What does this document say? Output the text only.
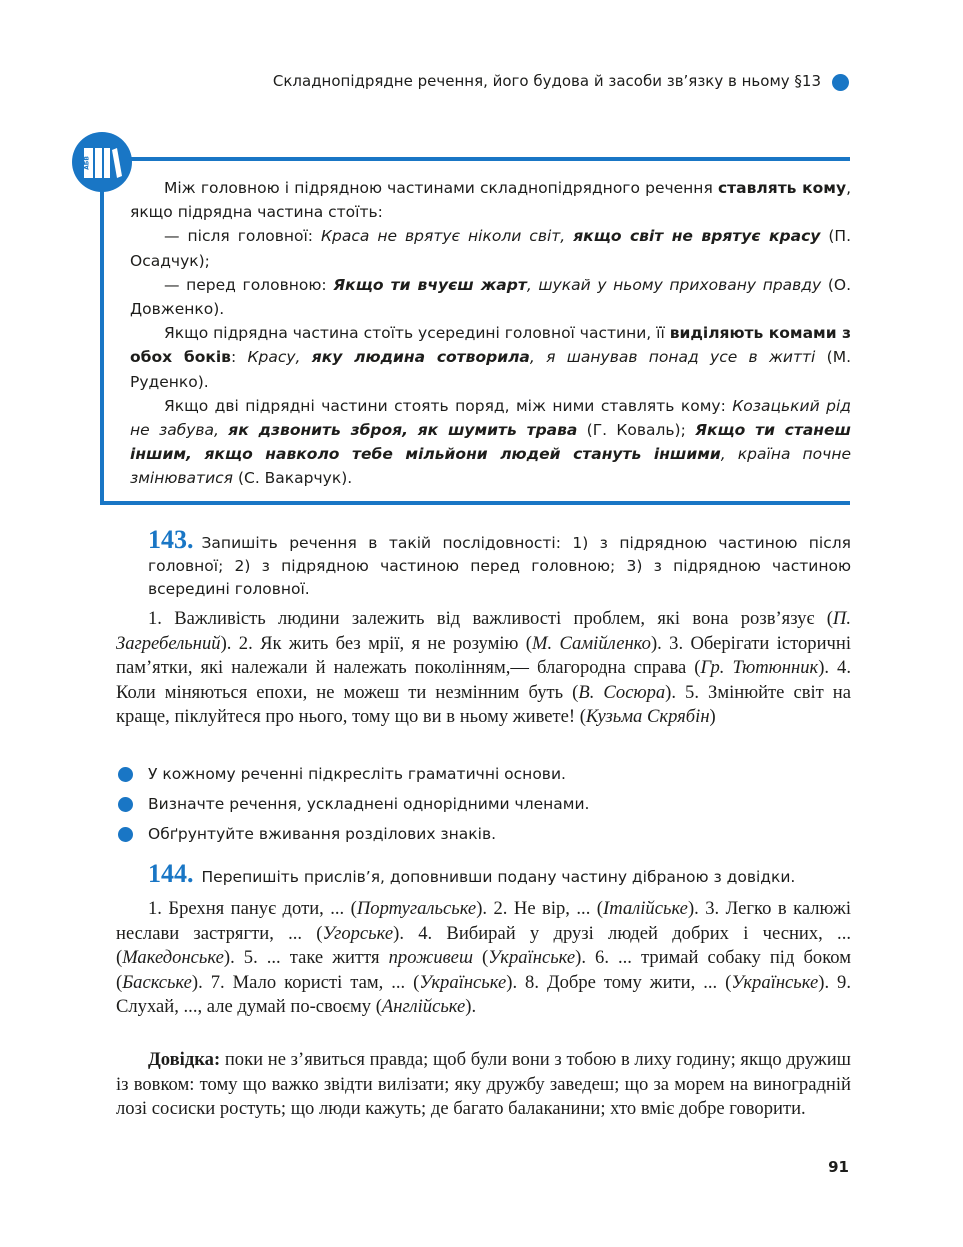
Складнопідрядне речення, його будова й засоби зв’язку в ньому §13
АБВ

Між головною і підрядною частинами складнопідрядного речення ставлять кому, якщо підрядна частина стоїть:

— після головної: Краса не врятує ніколи світ, якщо світ не врятує красу (П. Осадчук);

— перед головною: Якщо ти вчуєш жарт, шукай у ньому приховану правду (О. Довженко).

Якщо підрядна частина стоїть усередині головної частини, її виділяють комами з обох боків: Красу, яку людина сотворила, я шанував понад усе в житті (М. Руденко).

Якщо дві підрядні частини стоять поряд, між ними ставлять кому: Козацький рід не забува, як дзвонить зброя, як шумить трава (Г. Коваль); Якщо ти станеш іншим, якщо навколо тебе мільйони людей стануть іншими, країна почне змінюватися (С. Вакарчук).

143. Запишіть речення в такій послідовності: 1) з підрядною частиною після головної; 2) з підрядною частиною перед головною; 3) з підрядною частиною всередині головної.

1. Важливість людини залежить від важливості проблем, які вона розв’язує (П. Загребельний). 2. Як жить без мрії, я не розумію (М. Самійленко). 3. Оберігати історичні пам’ятки, які належали й належать поколінням,— благородна справа (Гр. Тютюнник). 4. Коли міняються епохи, не можеш ти незмінним буть (В. Сосюра). 5. Змінюйте світ на краще, піклуйтеся про нього, тому що ви в ньому живете! (Кузьма Скрябін)

У кожному реченні підкресліть граматичні основи.
Визначте речення, ускладнені однорідними членами.
Обґрунтуйте вживання розділових знаків.
144. Перепишіть прислів’я, доповнивши подану частину дібраною з довідки.

1. Брехня панує доти, ... (Португальське). 2. Не вір, ... (Італійське). 3. Легко в калюжі неслави застрягти, ... (Угорське). 4. Вибирай у друзі людей добрих і чесних, ... (Македонське). 5. ... таке життя проживеш (Українське). 6. ... тримай собаку під боком (Баскське). 7. Мало користі там, ... (Українське). 8. Добре тому жити, ... (Українське). 9. Слухай, ..., але думай по-своєму (Англійське).

Довідка: поки не з’явиться правда; щоб були вони з тобою в лиху годину; якщо дружиш із вовком: тому що важко звідти вилізати; яку дружбу заведеш; що за морем на виноградній лозі сосиски ростуть; що люди кажуть; де багато балаканини; хто вміє добре говорити.

91
